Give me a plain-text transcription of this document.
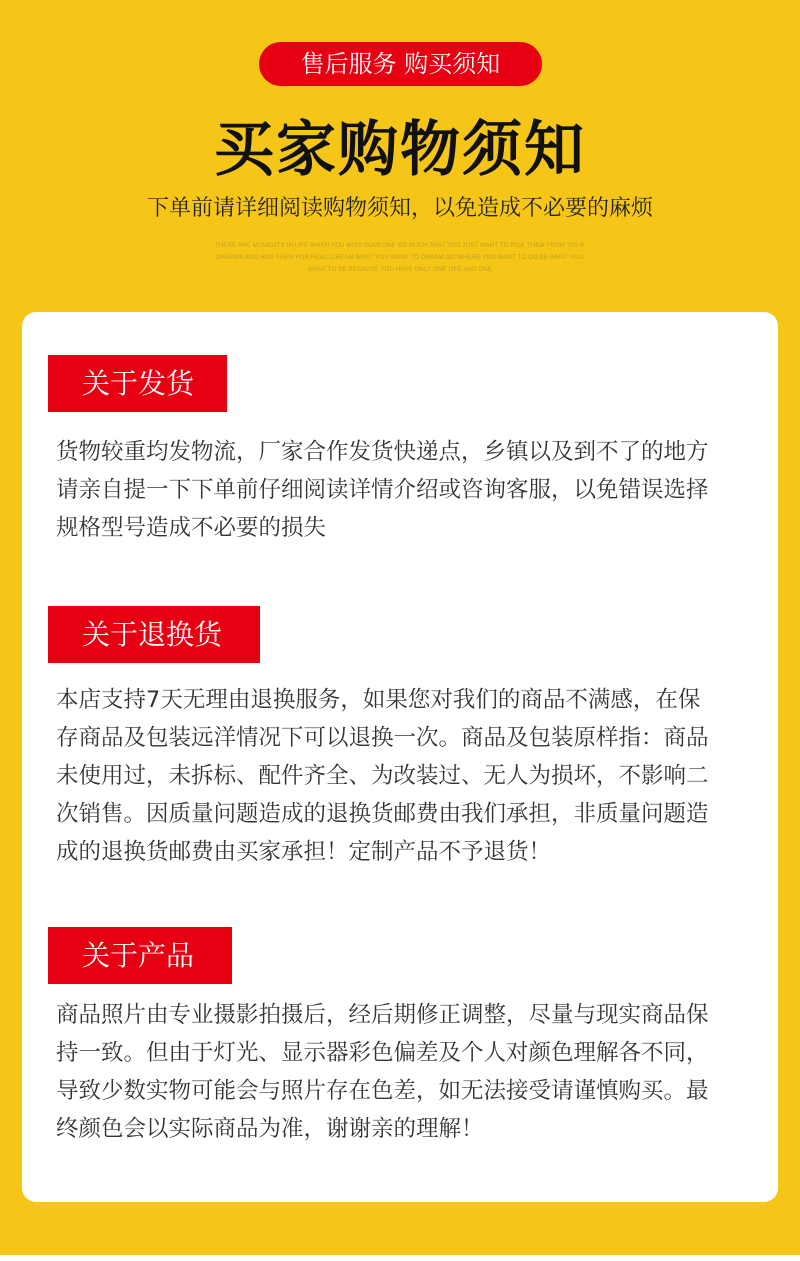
售后服务 购买须知
买家购物须知
下单前请详细阅读购物须知，以免造成不必要的麻烦
THERE ARE MOMENTS IN LIFE WHEN YOU MISS SOMEONE SO MUCH THAT YOU JUST WANT TO PICK THEM FROM YOUR
DREAMS AND HUG THEM FOR REAL! DREAM WHAT YOU WANT TO DREAM;GO WHERE YOU WANT TO GO;BE WHAT YOU
WANT TO BE,BECAUSE YOU HAVE ONLY ONE LIFE AND ONE
关于发货
货物较重均发物流，厂家合作发货快递点，乡镇以及到不了的地方
请亲自提一下下单前仔细阅读详情介绍或咨询客服，以免错误选择
规格型号造成不必要的损失
关于退换货
本店支持7天无理由退换服务，如果您对我们的商品不满感，在保
存商品及包装远洋情况下可以退换一次。商品及包装原样指：商品
未使用过，未拆标、配件齐全、为改装过、无人为损坏，不影响二
次销售。因质量问题造成的退换货邮费由我们承担，非质量问题造
成的退换货邮费由买家承担！定制产品不予退货！
关于产品
商品照片由专业摄影拍摄后，经后期修正调整，尽量与现实商品保
持一致。但由于灯光、显示器彩色偏差及个人对颜色理解各不同，
导致少数实物可能会与照片存在色差，如无法接受请谨慎购买。最
终颜色会以实际商品为准，谢谢亲的理解！
